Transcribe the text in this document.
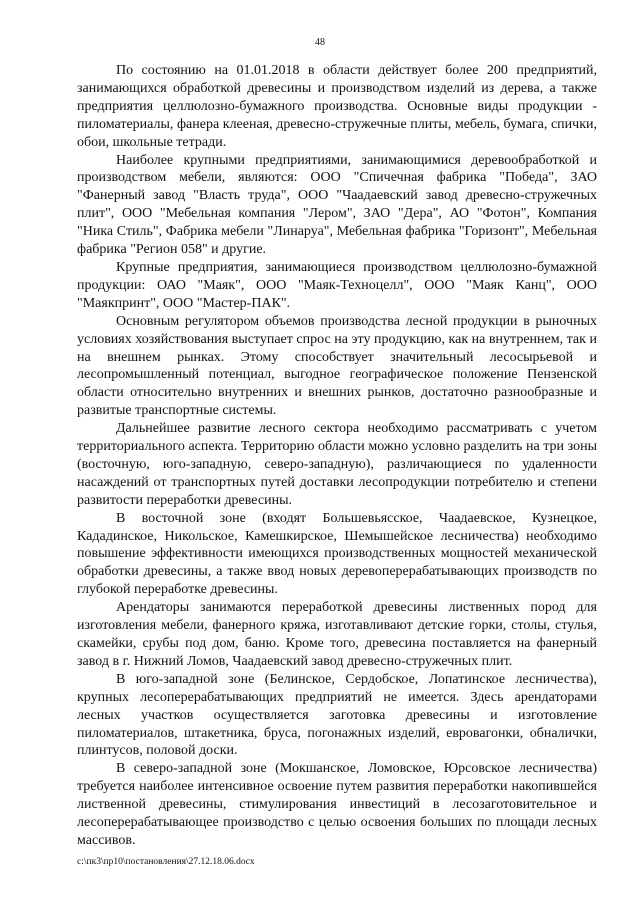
48

По состоянию на 01.01.2018 в области действует более 200 предприятий, занимающихся обработкой древесины и производством изделий из дерева, а также предприятия целлюлозно-бумажного производства. Основные виды продукции - пиломатериалы, фанера клееная, древесно-стружечные плиты, мебель, бумага, спички, обои, школьные тетради.

Наиболее крупными предприятиями, занимающимися деревообработкой и производством мебели, являются: ООО "Спичечная фабрика "Победа", ЗАО "Фанерный завод "Власть труда", ООО "Чаадаевский завод древесно-стружечных плит", ООО "Мебельная компания "Лером", ЗАО "Дера", АО "Фотон", Компания "Ника Стиль", Фабрика мебели "Линаруа", Мебельная фабрика "Горизонт", Мебельная фабрика "Регион 058" и другие.

Крупные предприятия, занимающиеся производством целлюлозно-бумажной продукции: ОАО "Маяк", ООО "Маяк-Техноцелл", ООО "Маяк Канц", ООО "Маякпринт", ООО "Мастер-ПАК".

Основным регулятором объемов производства лесной продукции в рыночных условиях хозяйствования выступает спрос на эту продукцию, как на внутреннем, так и на внешнем рынках. Этому способствует значительный лесосырьевой и лесопромышленный потенциал, выгодное географическое положение Пензенской области относительно внутренних и внешних рынков, достаточно разнообразные и развитые транспортные системы.

Дальнейшее развитие лесного сектора необходимо рассматривать с учетом территориального аспекта. Территорию области можно условно разделить на три зоны (восточную, юго-западную, северо-западную), различающиеся по удаленности насаждений от транспортных путей доставки лесопродукции потребителю и степени развитости переработки древесины.

В восточной зоне (входят Большевьясское, Чаадаевское, Кузнецкое, Кададинское, Никольское, Камешкирское, Шемышейское лесничества) необходимо повышение эффективности имеющихся производственных мощностей механической обработки древесины, а также ввод новых деревоперерабатывающих производств по глубокой переработке древесины.

Арендаторы занимаются переработкой древесины лиственных пород для изготовления мебели, фанерного кряжа, изготавливают детские горки, столы, стулья, скамейки, срубы под дом, баню. Кроме того, древесина поставляется на фанерный завод в г. Нижний Ломов, Чаадаевский завод древесно-стружечных плит.

В юго-западной зоне (Белинское, Сердобское, Лопатинское лесничества), крупных лесоперерабатывающих предприятий не имеется. Здесь арендаторами лесных участков осуществляется заготовка древесины и изготовление пиломатериалов, штакетника, бруса, погонажных изделий, евровагонки, обналички, плинтусов, половой доски.

В северо-западной зоне (Мокшанское, Ломовское, Юрсовское лесничества) требуется наиболее интенсивное освоение путем развития переработки накопившейся лиственной древесины, стимулирования инвестиций в лесозаготовительное и лесоперерабатывающее производство с целью освоения больших по площади лесных массивов.

c:\пк3\пр10\постановления\27.12.18.06.docx
